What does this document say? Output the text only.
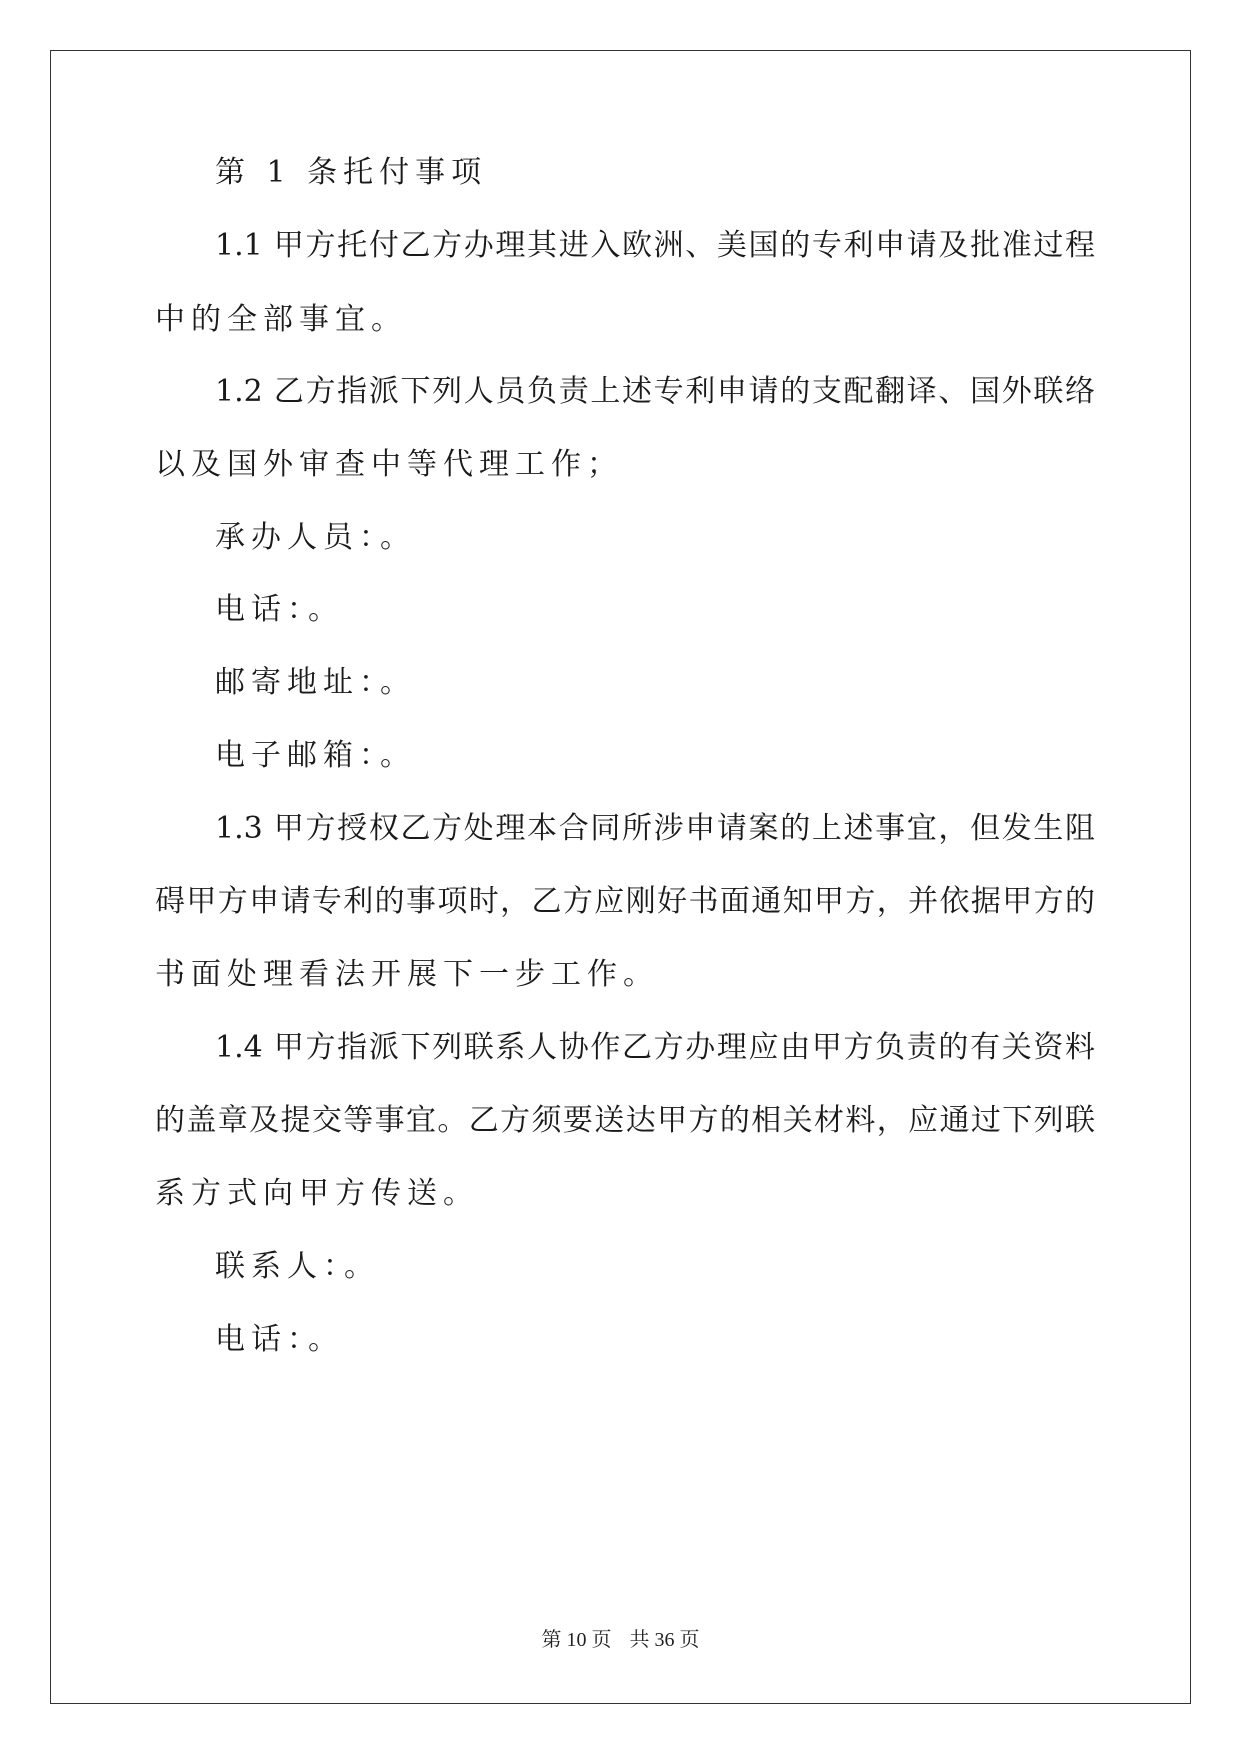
第 1 条托付事项
1.1 甲方托付乙方办理其进入欧洲、美国的专利申请及批准过程
中的全部事宜。
1.2 乙方指派下列人员负责上述专利申请的支配翻译、国外联络
以及国外审查中等代理工作；
承办人员：。
电话：。
邮寄地址：。
电子邮箱：。
1.3 甲方授权乙方处理本合同所涉申请案的上述事宜，但发生阻
碍甲方申请专利的事项时，乙方应刚好书面通知甲方，并依据甲方的
书面处理看法开展下一步工作。
1.4 甲方指派下列联系人协作乙方办理应由甲方负责的有关资料
的盖章及提交等事宜。乙方须要送达甲方的相关材料，应通过下列联
系方式向甲方传送。
联系人：。
电话：。
第 10 页 共 36 页
